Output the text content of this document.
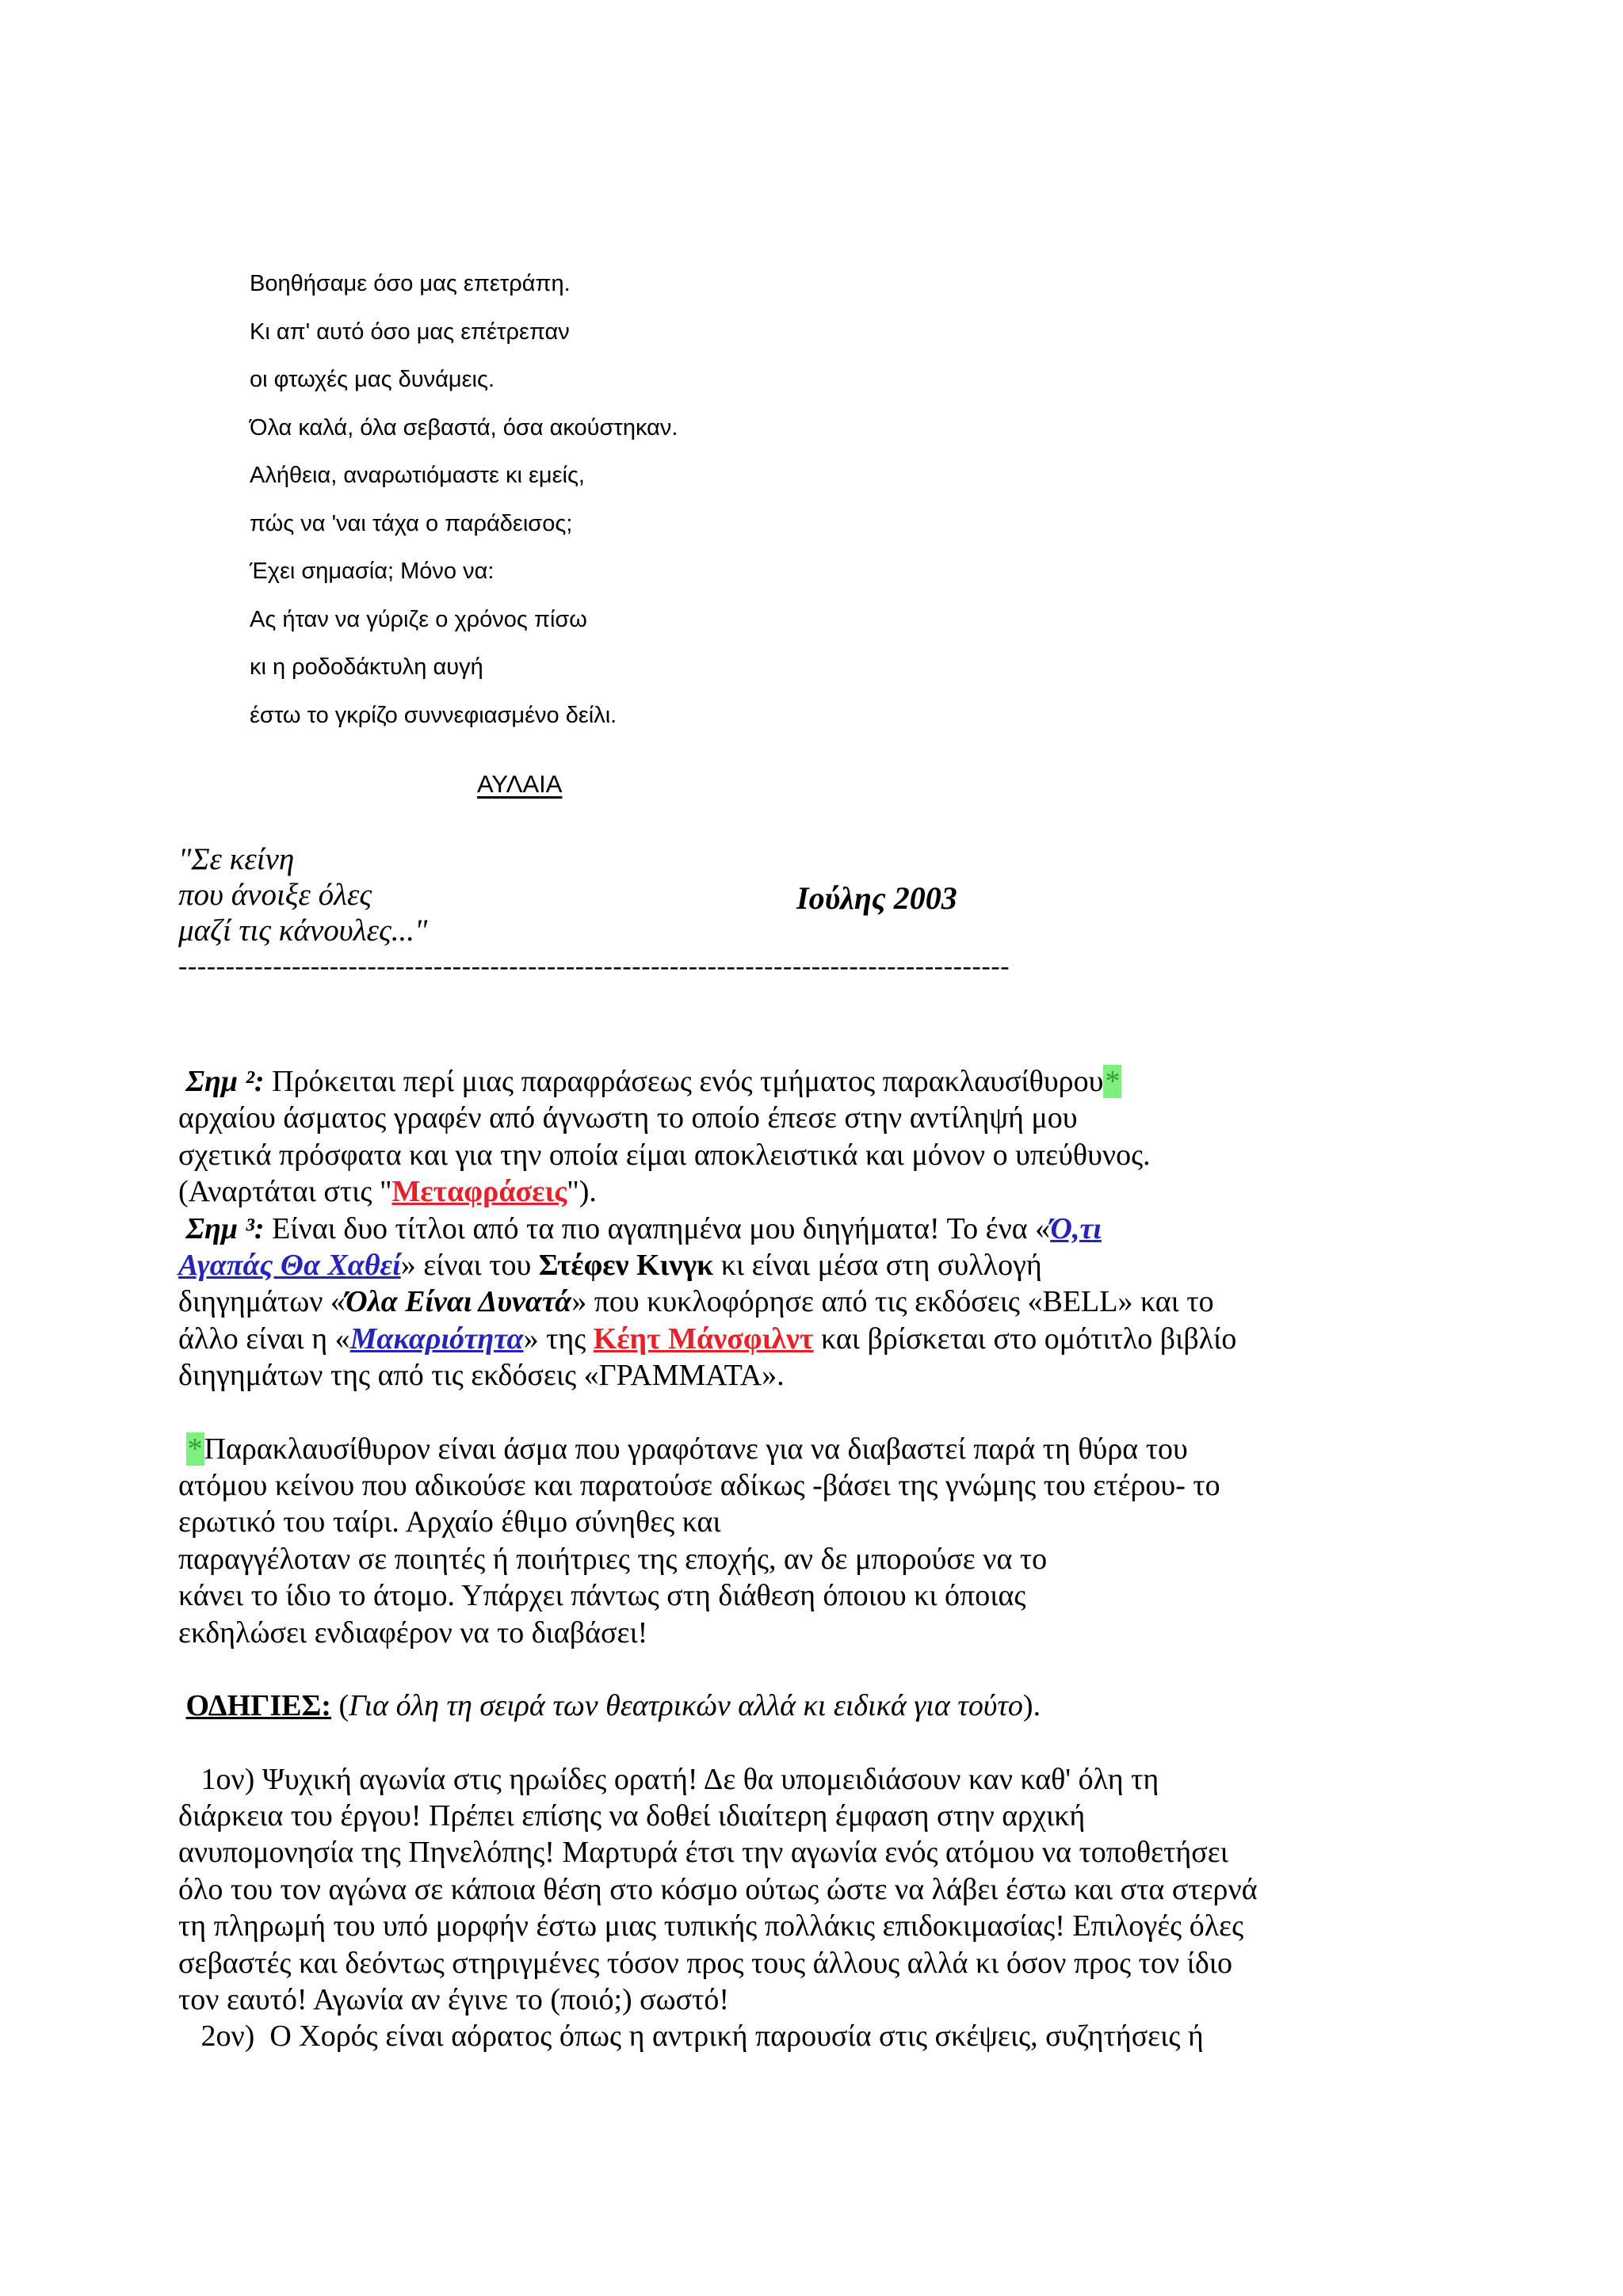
Βοηθήσαμε όσο μας επετράπη.
Κι απ' αυτό όσο μας επέτρεπαν
οι φτωχές μας δυνάμεις.
Όλα καλά, όλα σεβαστά, όσα ακούστηκαν.
Αλήθεια, αναρωτιόμαστε κι εμείς,
πώς να 'ναι τάχα ο παράδεισος;
Έχει σημασία; Μόνο να:
Ας ήταν να γύριζε ο χρόνος πίσω
κι η ροδοδάκτυλη αυγή
έστω το γκρίζο συννεφιασμένο δείλι.
ΑΥΛΑΙΑ
"Σε κείνη
που άνοιξε όλες
μαζί τις κάνουλες..."
Ιούλης 2003
----------------------------------------------------------------------------------------
Σημ ²: Πρόκειται περί μιας παραφράσεως ενός τμήματος παρακλαυσίθυρου*
αρχαίου άσματος γραφέν από άγνωστη το οποίο έπεσε στην αντίληψή μου
σχετικά πρόσφατα και για την οποία είμαι αποκλειστικά και μόνον ο υπεύθυνος.
(Αναρτάται στις "Μεταφράσεις").
Σημ ³: Είναι δυο τίτλοι από τα πιο αγαπημένα μου διηγήματα! Το ένα «Ό,τι
Αγαπάς Θα Χαθεί» είναι του Στέφεν Κινγκ κι είναι μέσα στη συλλογή
διηγημάτων «Όλα Είναι Δυνατά» που κυκλοφόρησε από τις εκδόσεις «BELL» και το
άλλο είναι η «Μακαριότητα» της Κέητ Μάνσφιλντ και βρίσκεται στο ομότιτλο βιβλίο
διηγημάτων της από τις εκδόσεις «ΓΡΑΜΜΑΤΑ».
*Παρακλαυσίθυρον είναι άσμα που γραφότανε για να διαβαστεί παρά τη θύρα του
ατόμου κείνου που αδικούσε και παρατούσε αδίκως -βάσει της γνώμης του ετέρου- το
ερωτικό του ταίρι. Αρχαίο έθιμο σύνηθες και
παραγγέλοταν σε ποιητές ή ποιήτριες της εποχής, αν δε μπορούσε να το
κάνει το ίδιο το άτομο. Υπάρχει πάντως στη διάθεση όποιου κι όποιας
εκδηλώσει ενδιαφέρον να το διαβάσει!
ΟΔΗΓΙΕΣ: (Για όλη τη σειρά των θεατρικών αλλά κι ειδικά για τούτο).
1ον) Ψυχική αγωνία στις ηρωίδες ορατή! Δε θα υπομειδιάσουν καν καθ' όλη τη
διάρκεια του έργου! Πρέπει επίσης να δοθεί ιδιαίτερη έμφαση στην αρχική
ανυπομονησία της Πηνελόπης! Μαρτυρά έτσι την αγωνία ενός ατόμου να τοποθετήσει
όλο του τον αγώνα σε κάποια θέση στο κόσμο ούτως ώστε να λάβει έστω και στα στερνά
τη πληρωμή του υπό μορφήν έστω μιας τυπικής πολλάκις επιδοκιμασίας! Επιλογές όλες
σεβαστές και δεόντως στηριγμένες τόσον προς τους άλλους αλλά κι όσον προς τον ίδιο
τον εαυτό! Αγωνία αν έγινε το (ποιό;) σωστό!
2ον)  Ο Χορός είναι αόρατος όπως η αντρική παρουσία στις σκέψεις, συζητήσεις ή
